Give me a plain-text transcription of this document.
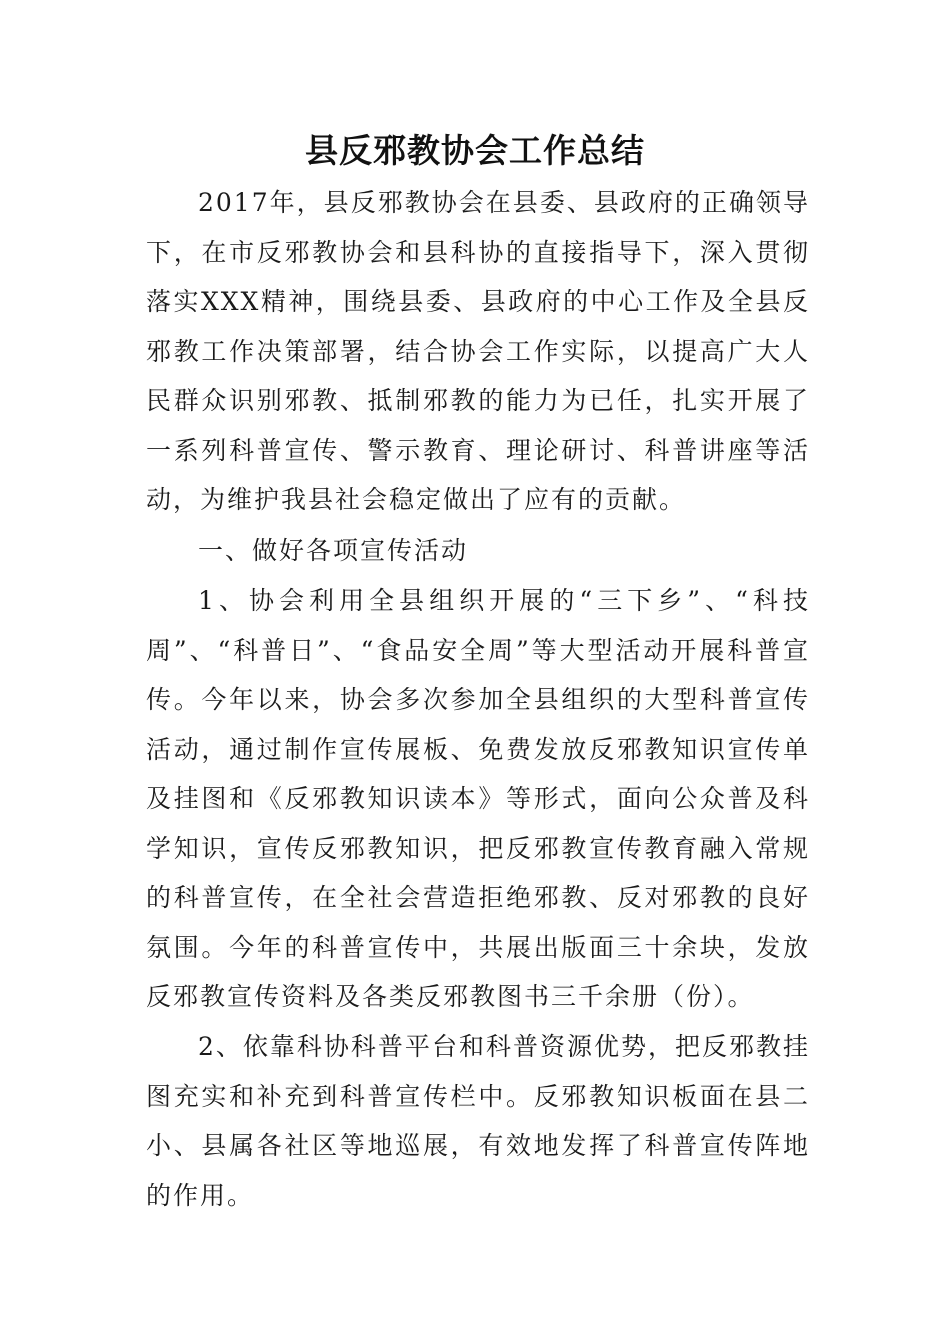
县反邪教协会工作总结

2017年，县反邪教协会在县委、县政府的正确领导下，在市反邪教协会和县科协的直接指导下，深入贯彻落实XXX精神，围绕县委、县政府的中心工作及全县反邪教工作决策部署，结合协会工作实际，以提高广大人民群众识别邪教、抵制邪教的能力为已任，扎实开展了一系列科普宣传、警示教育、理论研讨、科普讲座等活动，为维护我县社会稳定做出了应有的贡献。

一、做好各项宣传活动

1、协会利用全县组织开展的“三下乡”、“科技周”、“科普日”、“食品安全周”等大型活动开展科普宣传。今年以来，协会多次参加全县组织的大型科普宣传活动，通过制作宣传展板、免费发放反邪教知识宣传单及挂图和《反邪教知识读本》等形式，面向公众普及科学知识，宣传反邪教知识，把反邪教宣传教育融入常规的科普宣传，在全社会营造拒绝邪教、反对邪教的良好氛围。今年的科普宣传中，共展出版面三十余块，发放反邪教宣传资料及各类反邪教图书三千余册（份）。

2、依靠科协科普平台和科普资源优势，把反邪教挂图充实和补充到科普宣传栏中。反邪教知识板面在县二小、县属各社区等地巡展，有效地发挥了科普宣传阵地的作用。
